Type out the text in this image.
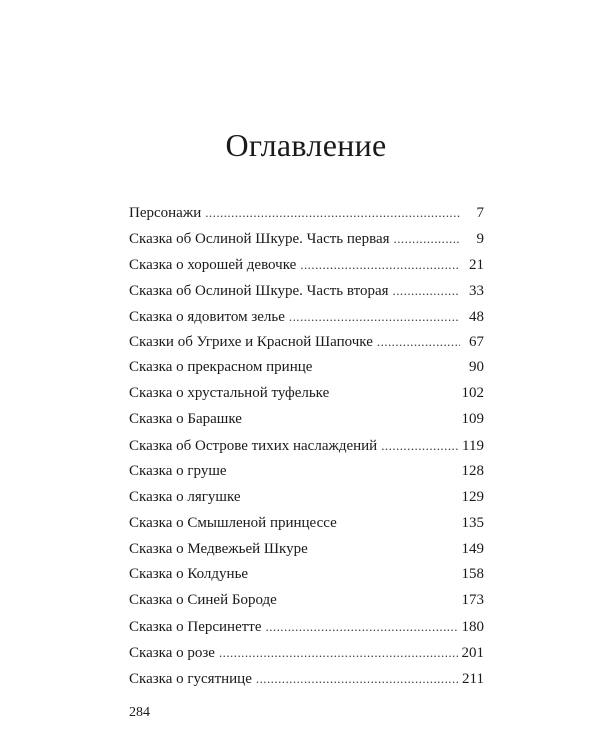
Оглавление
Персонажи . . .	7
Сказка об Ослиной Шкуре. Часть первая . . .	9
Сказка о хорошей девочке . . .	21
Сказка об Ослиной Шкуре. Часть вторая . . .	33
Сказка о ядовитом зелье . . .	48
Сказки об Угрихе и Красной Шапочке . . .	67
Сказка о прекрасном принце	90
Сказка о хрустальной туфельке	102
Сказка о Барашке	109
Сказка об Острове тихих наслаждений . . .	119
Сказка о груше	128
Сказка о лягушке	129
Сказка о Смышленой принцессе	135
Сказка о Медвежьей Шкуре	149
Сказка о Колдунье	158
Сказка о Синей Бороде	173
Сказка о Персинетте . . .	180
Сказка о розе . . .	201
Сказка о гусятнице . . .	211

284
